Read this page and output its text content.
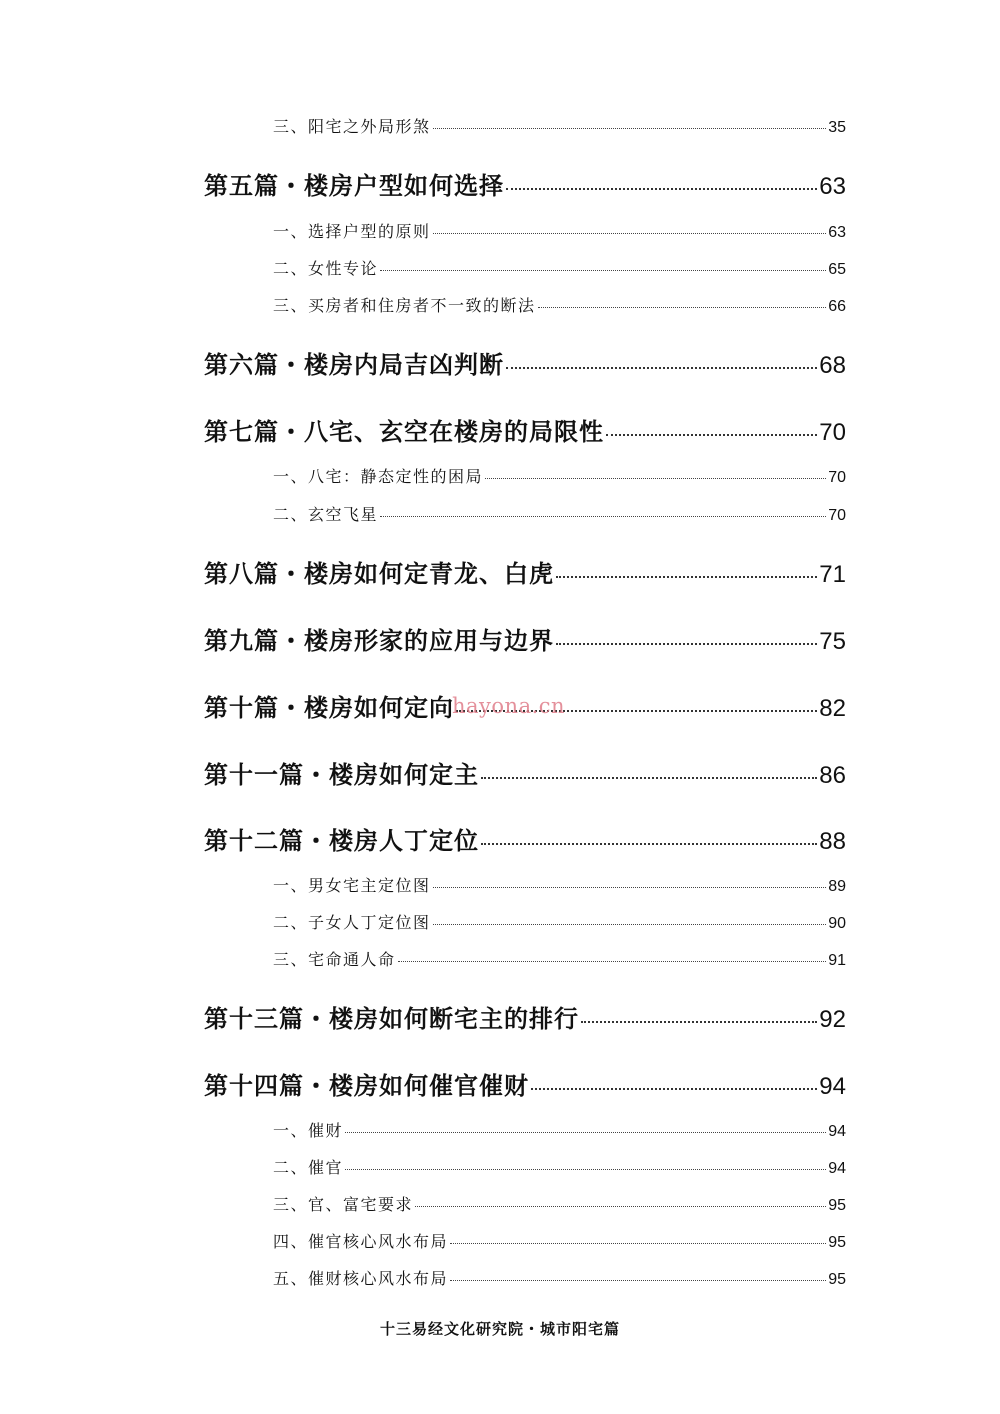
三、阳宅之外局形煞	35
第五篇・楼房户型如何选择	63
一、选择户型的原则	63
二、女性专论	65
三、买房者和住房者不一致的断法	66
第六篇・楼房内局吉凶判断	68
第七篇・八宅、玄空在楼房的局限性	70
一、八宅：静态定性的困局	70
二、玄空飞星	70
第八篇・楼房如何定青龙、白虎	71
第九篇・楼房形家的应用与边界	75
第十篇・楼房如何定向	82
第十一篇・楼房如何定主	86
第十二篇・楼房人丁定位	88
一、男女宅主定位图	89
二、子女人丁定位图	90
三、宅命通人命	91
第十三篇・楼房如何断宅主的排行	92
第十四篇・楼房如何催官催财	94
一、催财	94
二、催官	94
三、官、富宅要求	95
四、催官核心风水布局	95
五、催财核心风水布局	95
hayona.cn
十三易经文化研究院・城市阳宅篇
